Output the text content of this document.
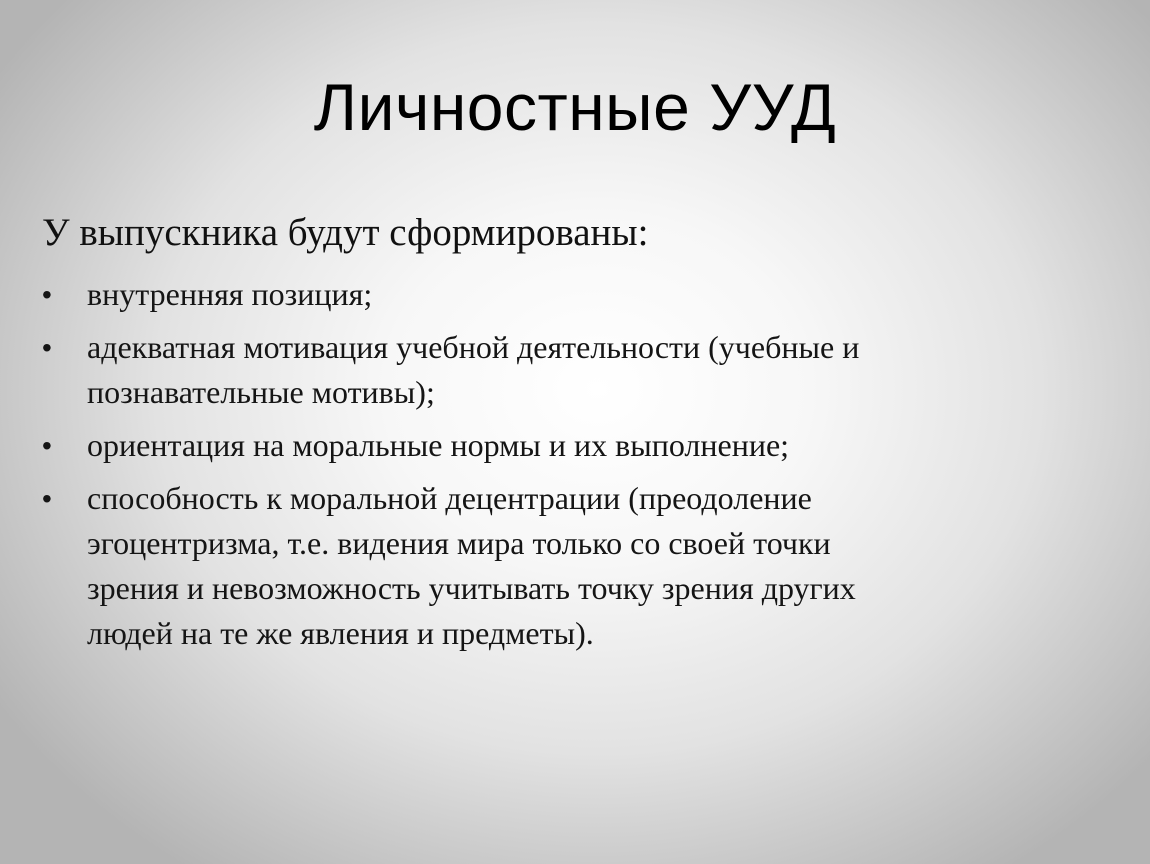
Личностные УУД

У выпускника будут сформированы:

• внутренняя позиция;
• адекватная мотивация учебной деятельности (учебные и
познавательные мотивы);
• ориентация на моральные нормы и их выполнение;
• способность к моральной децентрации (преодоление
эгоцентризма, т.е. видения мира только со своей точки
зрения и невозможность учитывать точку зрения других
людей на те же явления и предметы).
